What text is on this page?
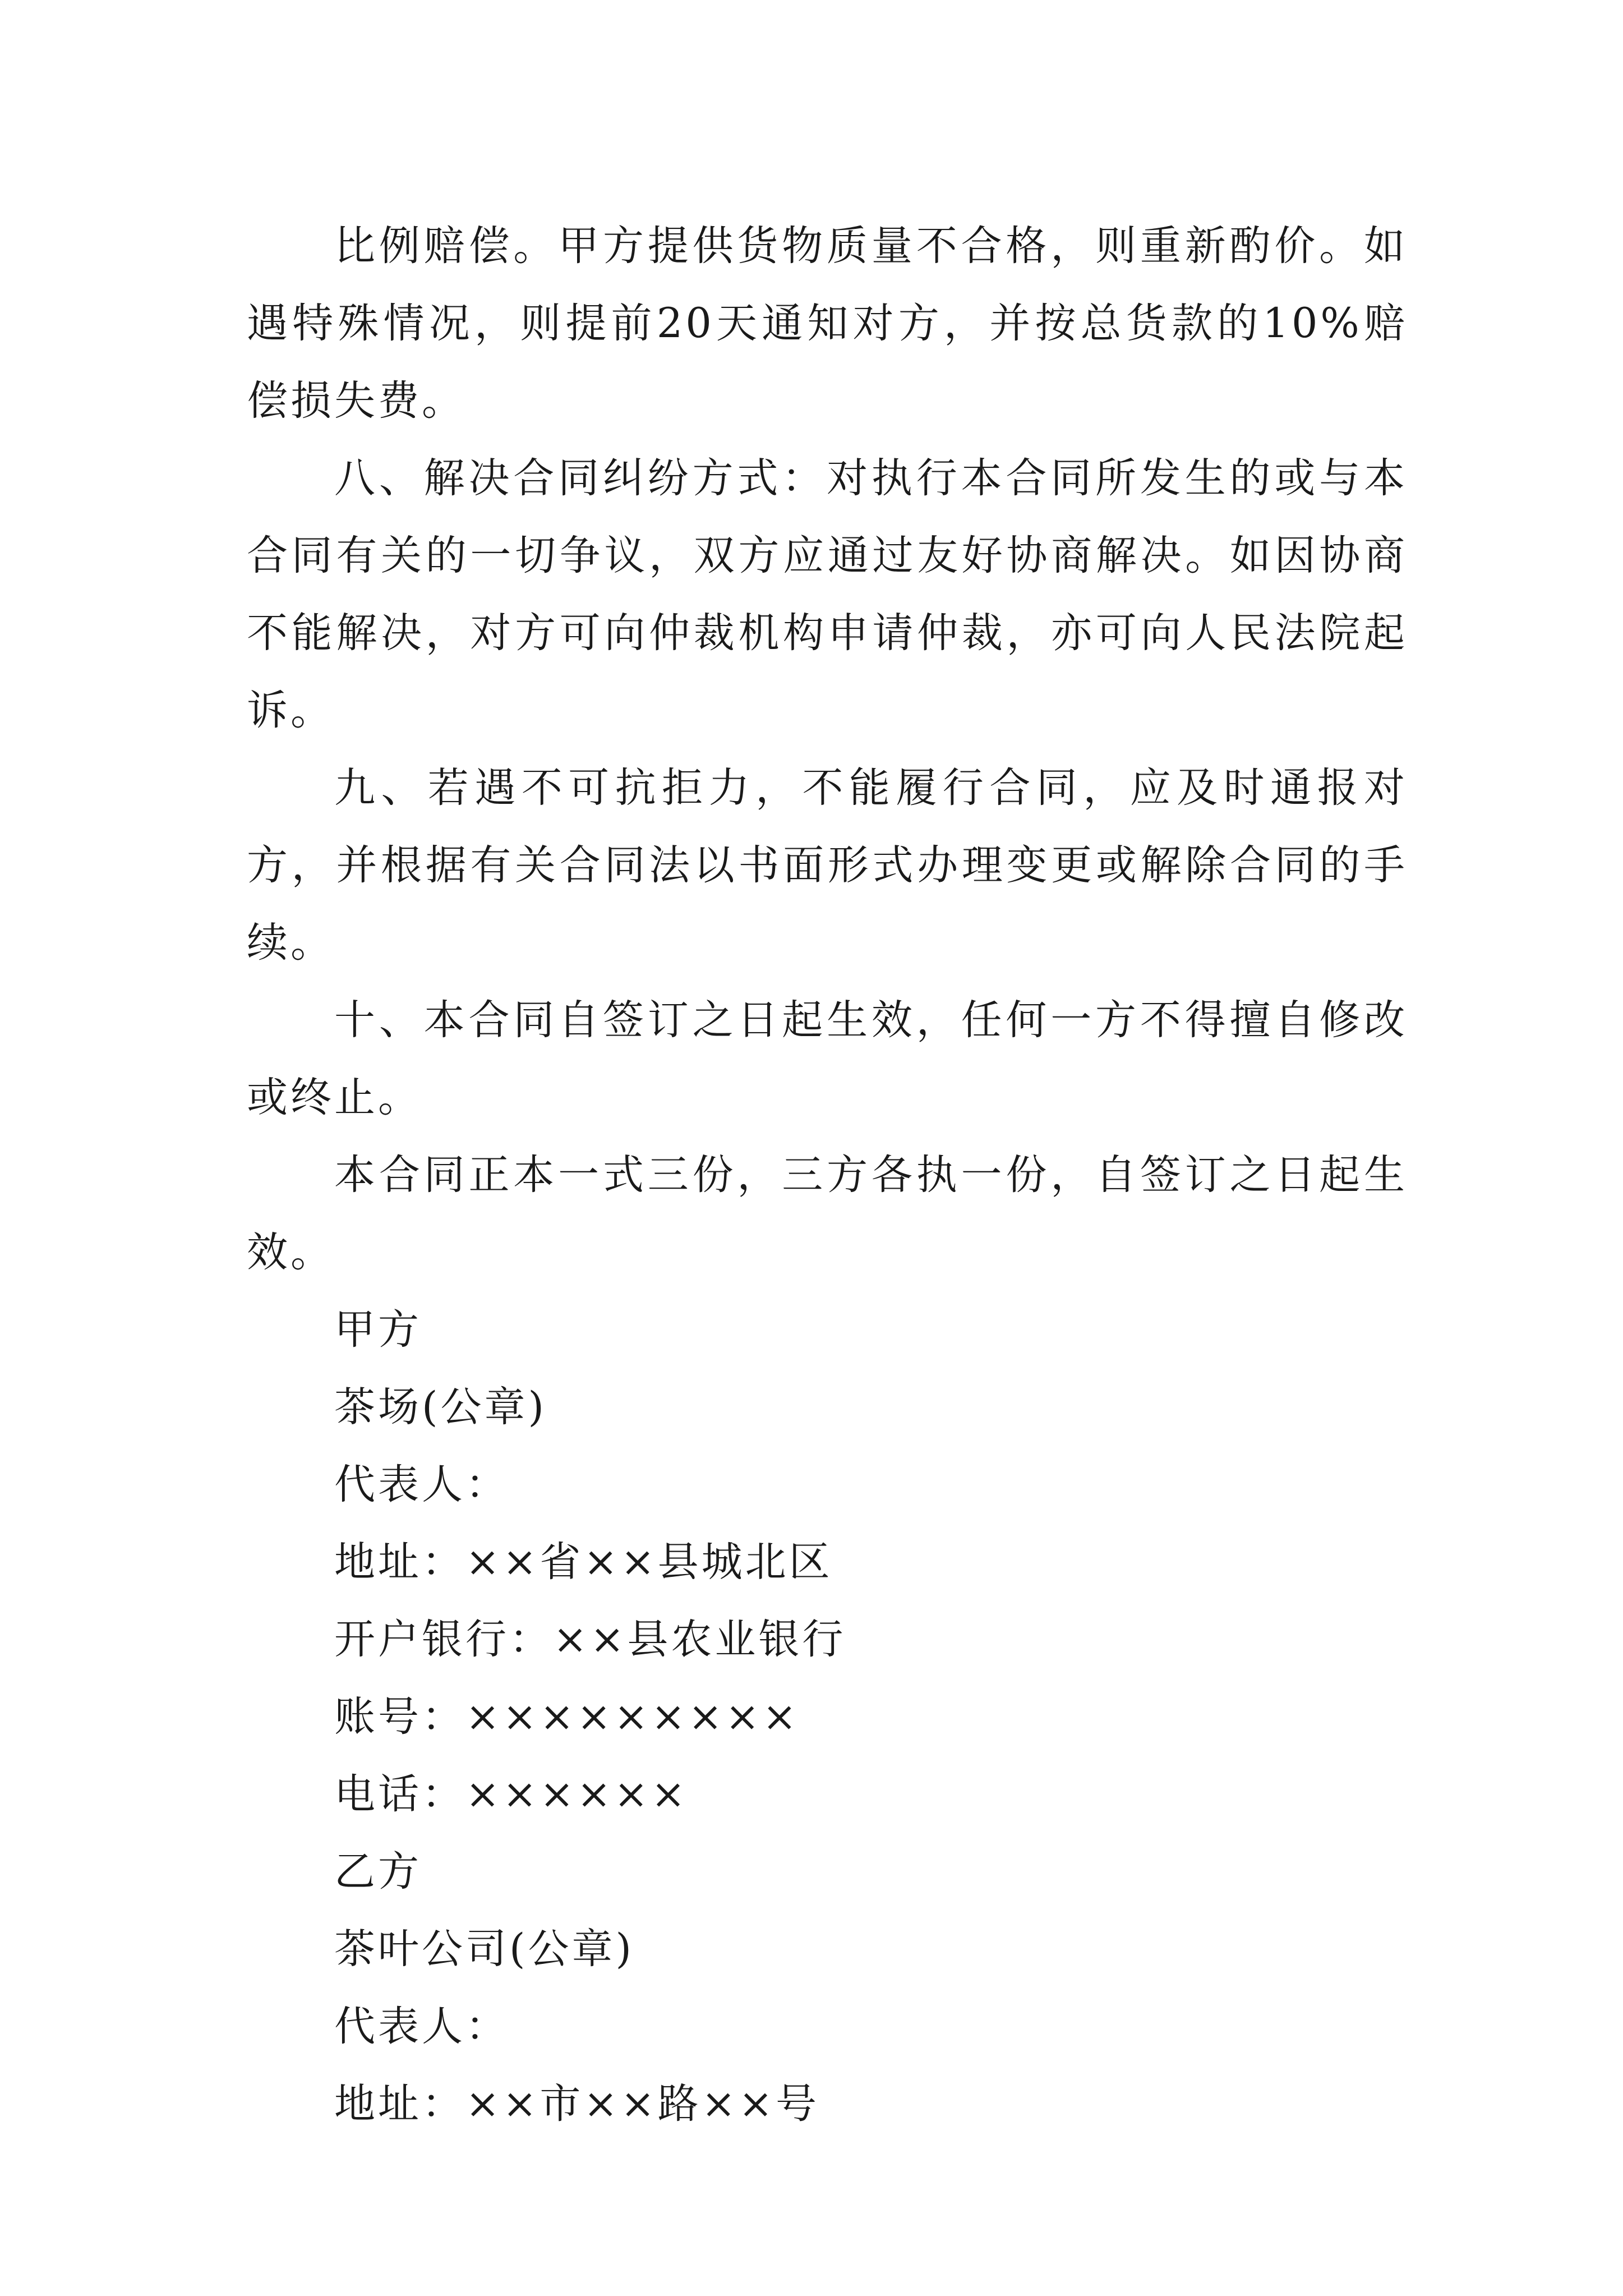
比例赔偿。甲方提供货物质量不合格，则重新酌价。如遇特殊情况，则提前20天通知对方，并按总货款的10%赔偿损失费。

八、解决合同纠纷方式：对执行本合同所发生的或与本合同有关的一切争议，双方应通过友好协商解决。如因协商不能解决，对方可向仲裁机构申请仲裁，亦可向人民法院起诉。

九、若遇不可抗拒力，不能履行合同，应及时通报对方，并根据有关合同法以书面形式办理变更或解除合同的手续。

十、本合同自签订之日起生效，任何一方不得擅自修改或终止。

本合同正本一式三份，三方各执一份，自签订之日起生效。

甲方

茶场(公章)

代表人：

地址：××省××县城北区

开户银行：××县农业银行

账号：×××××××××

电话：××××××

乙方

茶叶公司(公章)

代表人：

地址：××市××路××号
